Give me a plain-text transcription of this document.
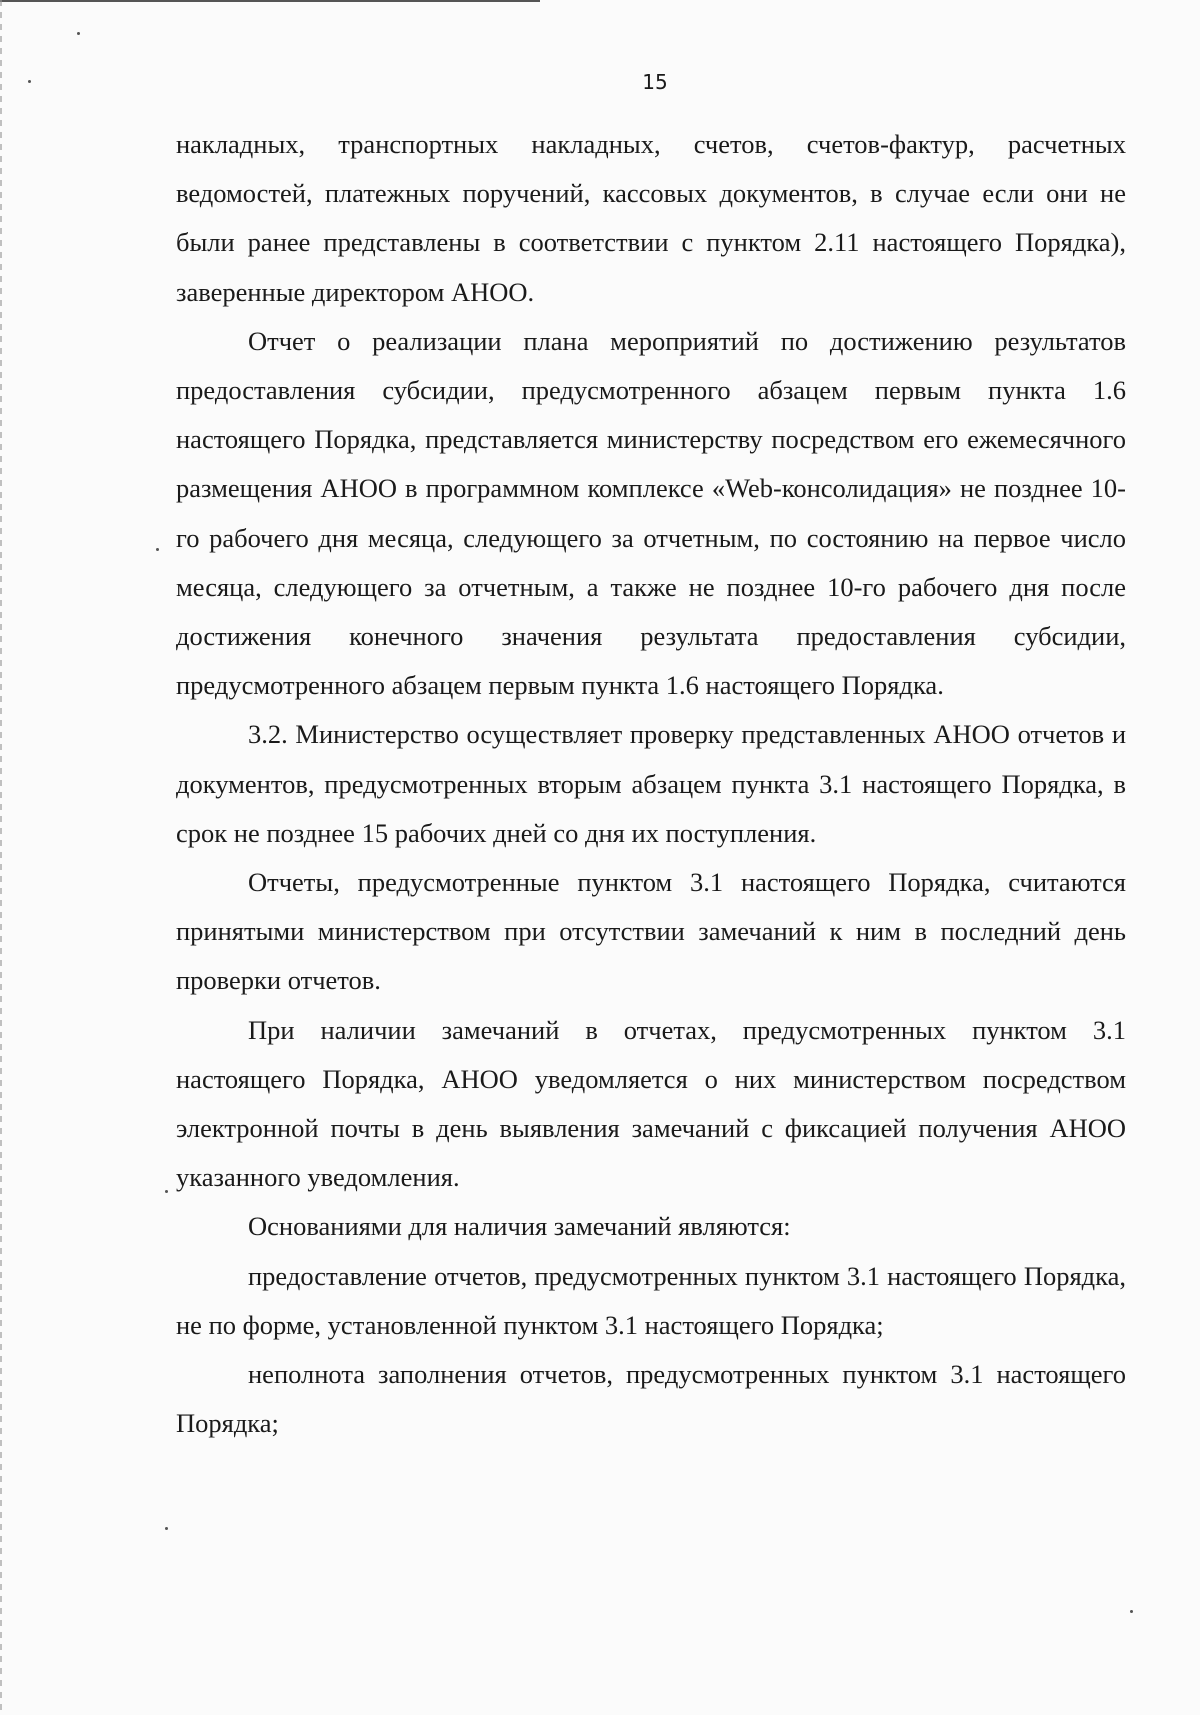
15

накладных, транспортных накладных, счетов, счетов-фактур, расчетных ведомостей, платежных поручений, кассовых документов, в случае если они не были ранее представлены в соответствии с пунктом 2.11 настоящего Порядка), заверенные директором АНОО.

Отчет о реализации плана мероприятий по достижению результатов предоставления субсидии, предусмотренного абзацем первым пункта 1.6 настоящего Порядка, представляется министерству посредством его ежемесячного размещения АНОО в программном комплексе «Web-консолидация» не позднее 10-го рабочего дня месяца, следующего за отчетным, по состоянию на первое число месяца, следующего за отчетным, а также не позднее 10-го рабочего дня после достижения конечного значения результата предоставления субсидии, предусмотренного абзацем первым пункта 1.6 настоящего Порядка.

3.2. Министерство осуществляет проверку представленных АНОО отчетов и документов, предусмотренных вторым абзацем пункта 3.1 настоящего Порядка, в срок не позднее 15 рабочих дней со дня их поступления.

Отчеты, предусмотренные пунктом 3.1 настоящего Порядка, считаются принятыми министерством при отсутствии замечаний к ним в последний день проверки отчетов.

При наличии замечаний в отчетах, предусмотренных пунктом 3.1 настоящего Порядка, АНОО уведомляется о них министерством посредством электронной почты в день выявления замечаний с фиксацией получения АНОО указанного уведомления.

Основаниями для наличия замечаний являются:

предоставление отчетов, предусмотренных пунктом 3.1 настоящего Порядка, не по форме, установленной пунктом 3.1 настоящего Порядка;

неполнота заполнения отчетов, предусмотренных пунктом 3.1 настоящего Порядка;
